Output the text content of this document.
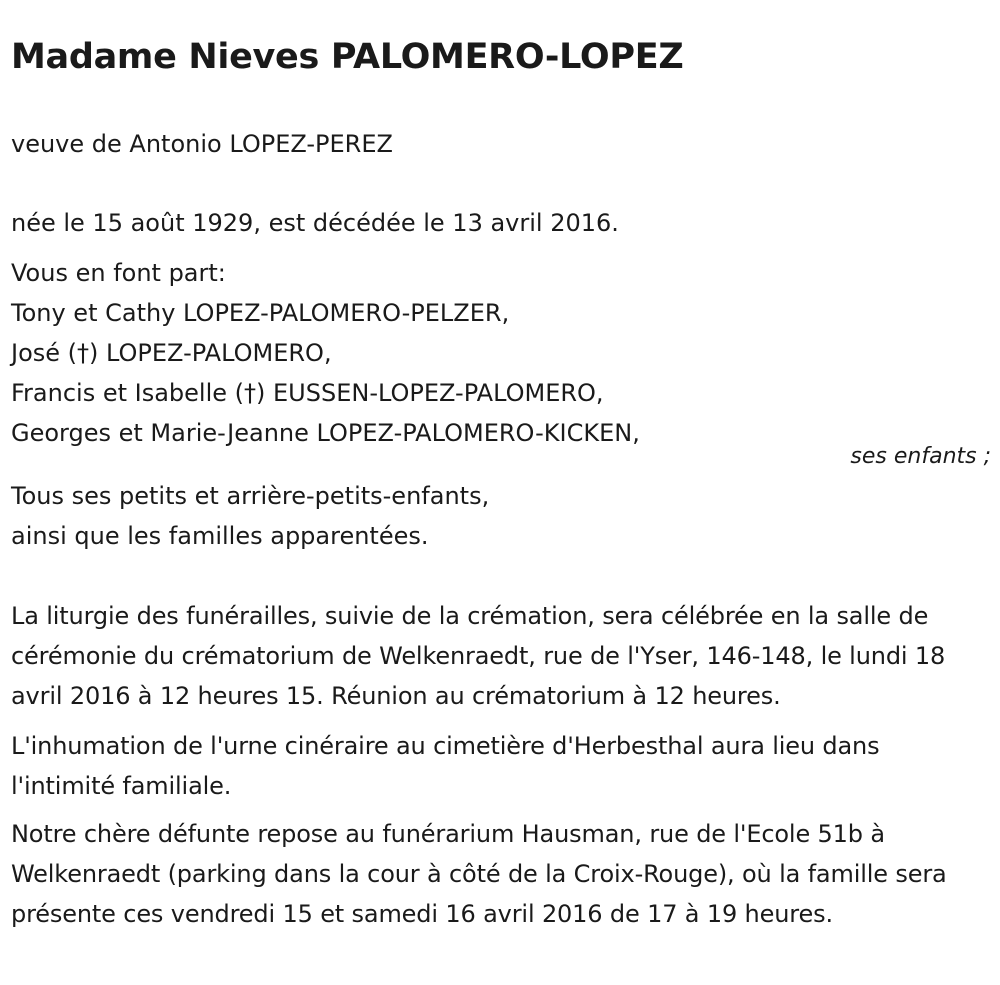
Madame Nieves PALOMERO-LOPEZ

veuve de Antonio LOPEZ-PEREZ

née le 15 août 1929, est décédée le 13 avril 2016.

Vous en font part:

Tony et Cathy LOPEZ-PALOMERO-PELZER,

José (†) LOPEZ-PALOMERO,

Francis et Isabelle (†) EUSSEN-LOPEZ-PALOMERO,

Georges et Marie-Jeanne LOPEZ-PALOMERO-KICKEN,

ses enfants ;

Tous ses petits et arrière-petits-enfants,

ainsi que les familles apparentées.

La liturgie des funérailles, suivie de la crémation, sera célébrée en la salle de cérémonie du crématorium de Welkenraedt, rue de l'Yser, 146-148, le lundi 18 avril 2016 à 12 heures 15. Réunion au crématorium à 12 heures.

L'inhumation de l'urne cinéraire au cimetière d'Herbesthal aura lieu dans l'intimité familiale.

Notre chère défunte repose au funérarium Hausman, rue de l'Ecole 51b à Welkenraedt (parking dans la cour à côté de la Croix-Rouge), où la famille sera présente ces vendredi 15 et samedi 16 avril 2016 de 17 à 19 heures.
